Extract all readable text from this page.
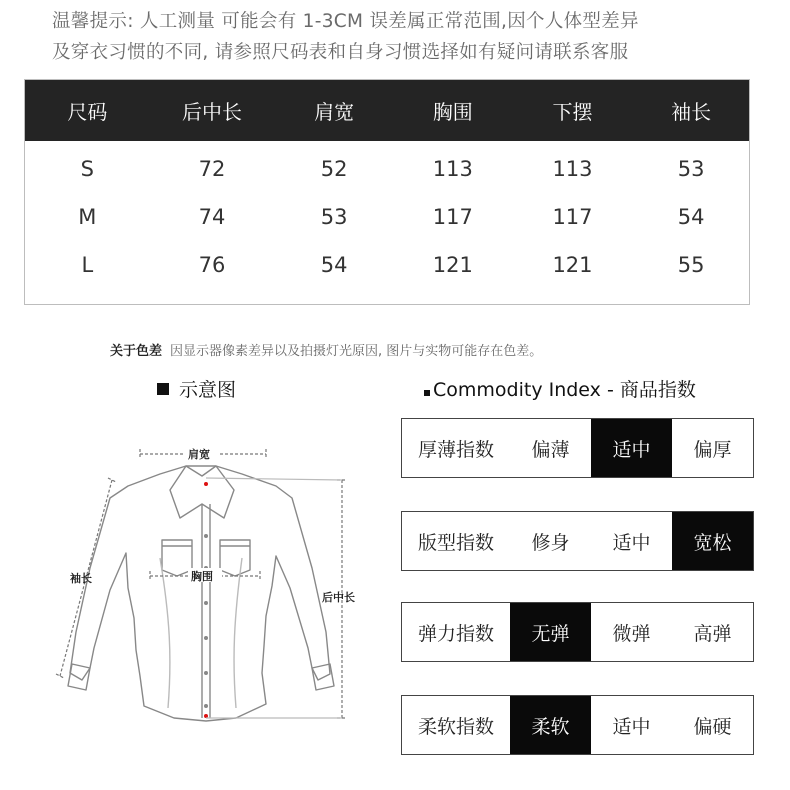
温馨提示: 人工测量 可能会有 1-3CM 误差属正常范围,因个人体型差异
及穿衣习惯的不同, 请参照尺码表和自身习惯选择如有疑问请联系客服
尺码	后中长	肩宽	胸围	下摆	袖长
S	72	52	113	113	53
M	74	53	117	117	54
L	76	54	121	121	55
关于色差 因显示器像素差异以及拍摄灯光原因, 图片与实物可能存在色差。
示意图	Commodity Index - 商品指数
肩宽
胸围
袖长
后中长
厚薄指数	偏薄	适中	偏厚
版型指数	修身	适中	宽松
弹力指数	无弹	微弹	高弹
柔软指数	柔软	适中	偏硬
